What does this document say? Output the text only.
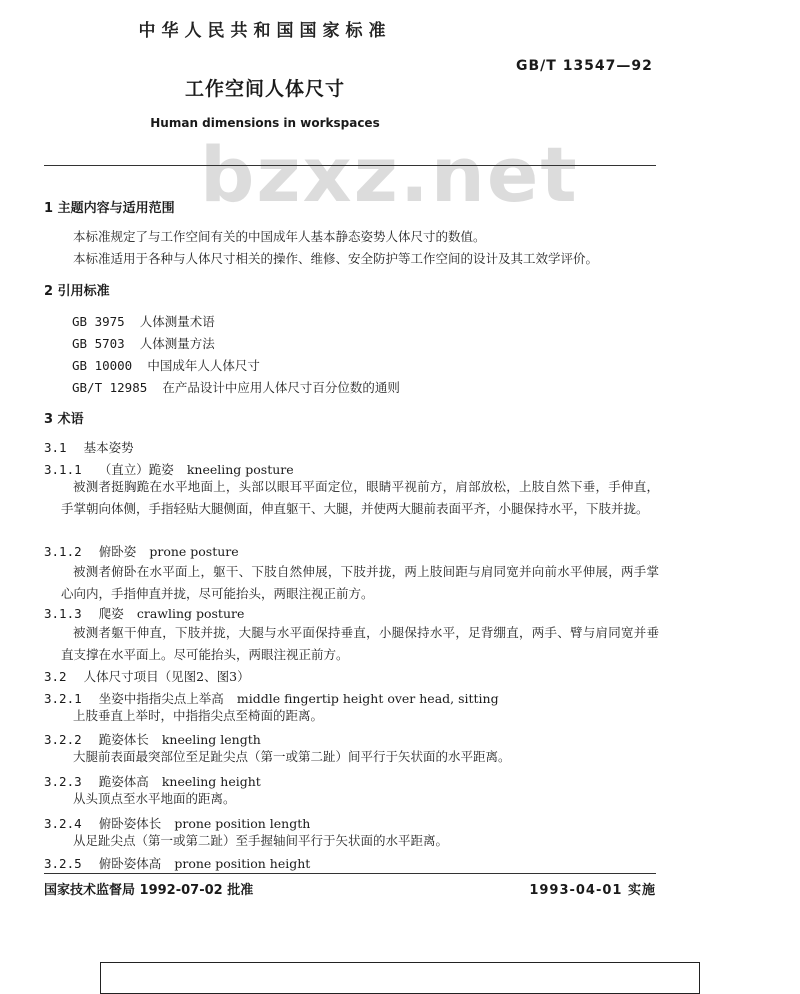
中华人民共和国国家标准
GB/T 13547—92
工作空间人体尺寸
Human dimensions in workspaces
bzxz.net
1 主题内容与适用范围
本标准规定了与工作空间有关的中国成年人基本静态姿势人体尺寸的数值。
本标准适用于各种与人体尺寸相关的操作、维修、安全防护等工作空间的设计及其工效学评价。
2 引用标准
GB 3975 人体测量术语
GB 5703 人体测量方法
GB 10000 中国成年人人体尺寸
GB/T 12985 在产品设计中应用人体尺寸百分位数的通则
3 术语
3.1 基本姿势
3.1.1 （直立）跪姿 kneeling posture
被测者挺胸跪在水平地面上，头部以眼耳平面定位，眼睛平视前方，肩部放松，上肢自然下垂，手伸直，手掌朝向体侧，手指轻贴大腿侧面，伸直躯干、大腿，并使两大腿前表面平齐，小腿保持水平，下肢并拢。
3.1.2 俯卧姿 prone posture
被测者俯卧在水平面上，躯干、下肢自然伸展，下肢并拢，两上肢间距与肩同宽并向前水平伸展，两手掌心向内，手指伸直并拢，尽可能抬头，两眼注视正前方。
3.1.3 爬姿 crawling posture
被测者躯干伸直，下肢并拢，大腿与水平面保持垂直，小腿保持水平，足背绷直，两手、臂与肩同宽并垂直支撑在水平面上。尽可能抬头，两眼注视正前方。
3.2 人体尺寸项目（见图2、图3）
3.2.1 坐姿中指指尖点上举高 middle fingertip height over head, sitting
上肢垂直上举时，中指指尖点至椅面的距离。
3.2.2 跪姿体长 kneeling length
大腿前表面最突部位至足趾尖点（第一或第二趾）间平行于矢状面的水平距离。
3.2.3 跪姿体高 kneeling height
从头顶点至水平地面的距离。
3.2.4 俯卧姿体长 prone position length
从足趾尖点（第一或第二趾）至手握轴间平行于矢状面的水平距离。
3.2.5 俯卧姿体高 prone position height
国家技术监督局 1992-07-02 批准	1993-04-01 实施
